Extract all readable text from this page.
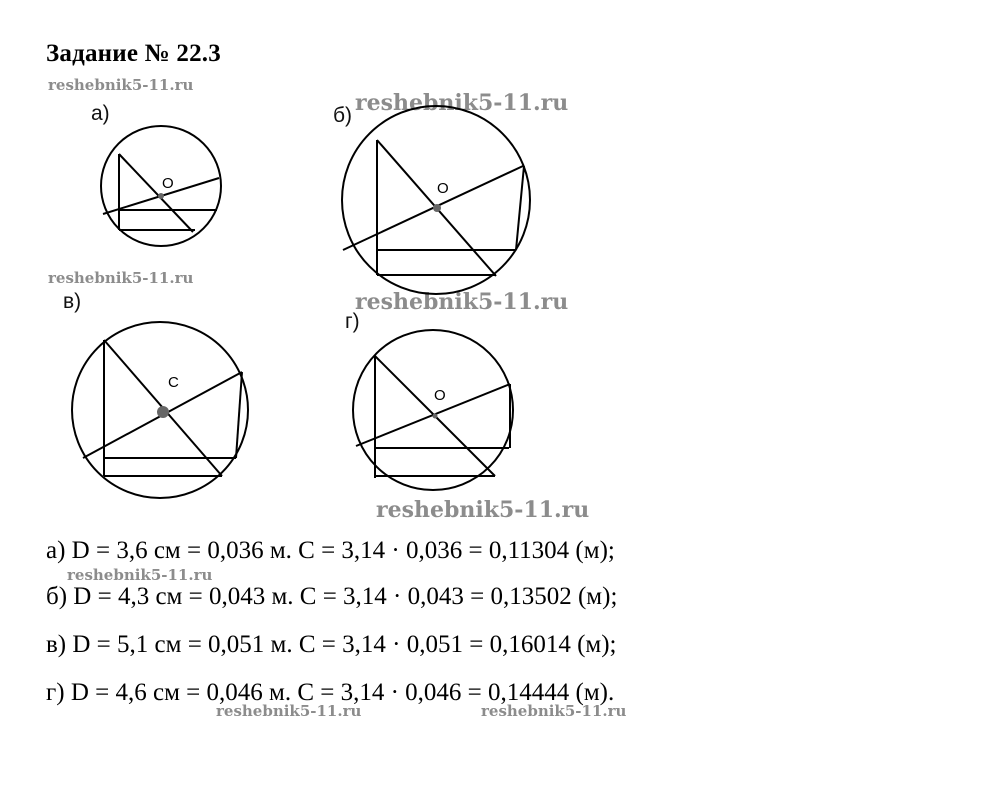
Задание № 22.3
reshebnik5-11.ru
reshebnik5-11.ru
reshebnik5-11.ru
reshebnik5-11.ru
reshebnik5-11.ru
reshebnik5-11.ru
reshebnik5-11.ru	reshebnik5-11.ru
а)	б)
в)
г)
O	O
C
O
а) D = 3,6 см = 0,036 м. C = 3,14 · 0,036 = 0,11304 (м);
б) D = 4,3 см = 0,043 м. C = 3,14 · 0,043 = 0,13502 (м);
в) D = 5,1 см = 0,051 м. C = 3,14 · 0,051 = 0,16014 (м);
г) D = 4,6 см = 0,046 м. C = 3,14 · 0,046 = 0,14444 (м).
